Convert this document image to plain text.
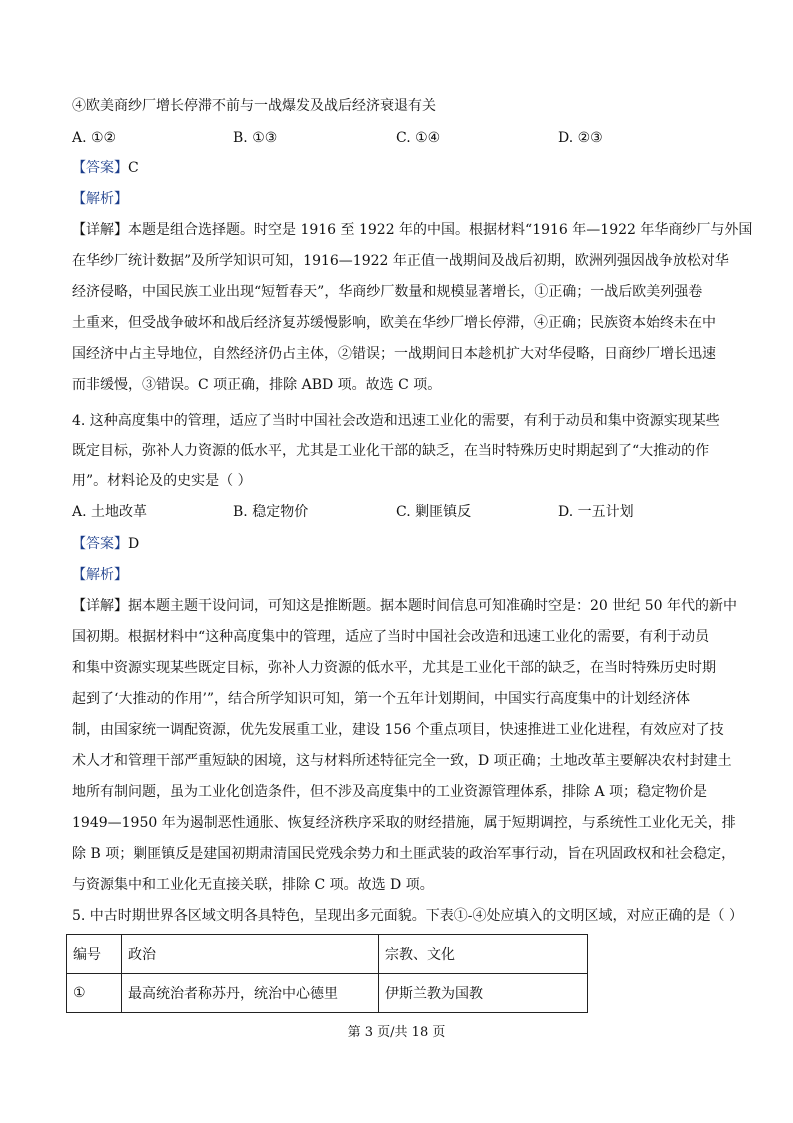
④欧美商纱厂增长停滞不前与一战爆发及战后经济衰退有关
A. ①②	B. ①③	C. ①④	D. ②③
【答案】C
【解析】
【详解】本题是组合选择题。时空是 1916 至 1922 年的中国。根据材料“1916 年—1922 年华商纱厂与外国
在华纱厂统计数据”及所学知识可知，1916—1922 年正值一战期间及战后初期，欧洲列强因战争放松对华
经济侵略，中国民族工业出现“短暂春天”，华商纱厂数量和规模显著增长，①正确；一战后欧美列强卷
土重来，但受战争破坏和战后经济复苏缓慢影响，欧美在华纱厂增长停滞，④正确；民族资本始终未在中
国经济中占主导地位，自然经济仍占主体，②错误；一战期间日本趁机扩大对华侵略，日商纱厂增长迅速
而非缓慢，③错误。C 项正确，排除 ABD 项。故选 C 项。
4. 这种高度集中的管理，适应了当时中国社会改造和迅速工业化的需要，有利于动员和集中资源实现某些
既定目标，弥补人力资源的低水平，尤其是工业化干部的缺乏，在当时特殊历史时期起到了“大推动的作
用”。材料论及的史实是（ ）
A. 土地改革	B. 稳定物价	C. 剿匪镇反	D. 一五计划
【答案】D
【解析】
【详解】据本题主题干设问词，可知这是推断题。据本题时间信息可知准确时空是：20 世纪 50 年代的新中
国初期。根据材料中“这种高度集中的管理，适应了当时中国社会改造和迅速工业化的需要，有利于动员
和集中资源实现某些既定目标，弥补人力资源的低水平，尤其是工业化干部的缺乏，在当时特殊历史时期
起到了‘大推动的作用’”，结合所学知识可知，第一个五年计划期间，中国实行高度集中的计划经济体
制，由国家统一调配资源，优先发展重工业，建设 156 个重点项目，快速推进工业化进程，有效应对了技
术人才和管理干部严重短缺的困境，这与材料所述特征完全一致，D 项正确；土地改革主要解决农村封建土
地所有制问题，虽为工业化创造条件，但不涉及高度集中的工业资源管理体系，排除 A 项；稳定物价是
1949—1950 年为遏制恶性通胀、恢复经济秩序采取的财经措施，属于短期调控，与系统性工业化无关，排
除 B 项；剿匪镇反是建国初期肃清国民党残余势力和土匪武装的政治军事行动，旨在巩固政权和社会稳定，
与资源集中和工业化无直接关联，排除 C 项。故选 D 项。
5. 中古时期世界各区域文明各具特色，呈现出多元面貌。下表①-④处应填入的文明区域，对应正确的是（ ）
编号	政治	宗教、文化
①	最高统治者称苏丹，统治中心德里	伊斯兰教为国教
第 3 页/共 18 页
